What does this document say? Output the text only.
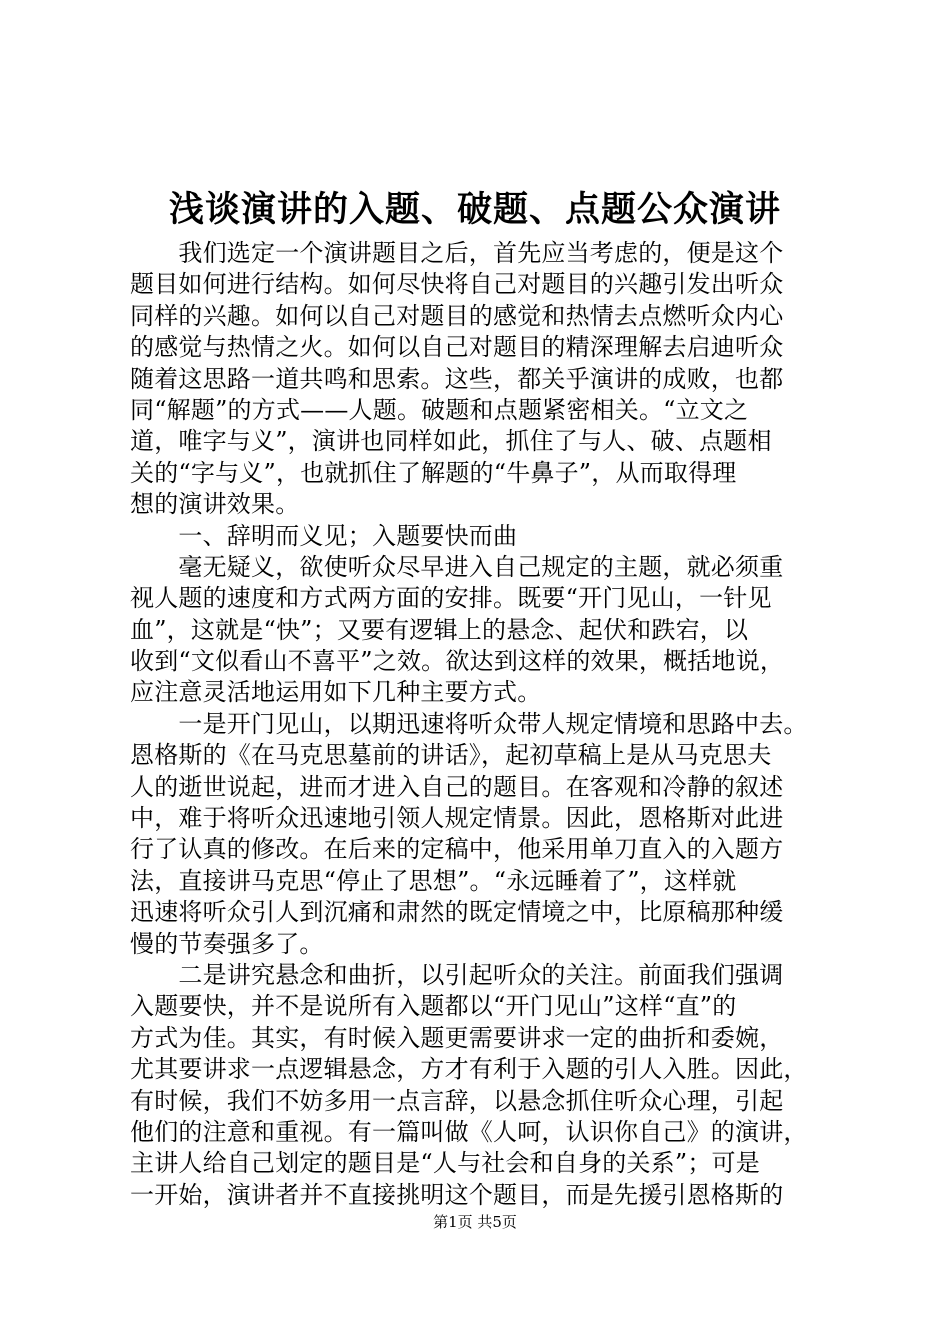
浅谈演讲的入题、破题、点题公众演讲
　　我们选定一个演讲题目之后，首先应当考虑的，便是这个
题目如何进行结构。如何尽快将自己对题目的兴趣引发出听众
同样的兴趣。如何以自己对题目的感觉和热情去点燃听众内心
的感觉与热情之火。如何以自己对题目的精深理解去启迪听众
随着这思路一道共鸣和思索。这些，都关乎演讲的成败，也都
同“解题”的方式——人题。破题和点题紧密相关。“立文之
道，唯字与义”，演讲也同样如此，抓住了与人、破、点题相
关的“字与义”，也就抓住了解题的“牛鼻子”，从而取得理
想的演讲效果。
　　一、辞明而义见；入题要快而曲
　　毫无疑义，欲使听众尽早进入自己规定的主题，就必须重
视人题的速度和方式两方面的安排。既要“开门见山，一针见
血”，这就是“快”；又要有逻辑上的悬念、起伏和跌宕，以
收到“文似看山不喜平”之效。欲达到这样的效果，概括地说，
应注意灵活地运用如下几种主要方式。
　　一是开门见山，以期迅速将听众带人规定情境和思路中去。
恩格斯的《在马克思墓前的讲话》，起初草稿上是从马克思夫
人的逝世说起，进而才进入自己的题目。在客观和冷静的叙述
中，难于将听众迅速地引领人规定情景。因此，恩格斯对此进
行了认真的修改。在后来的定稿中，他采用单刀直入的入题方
法，直接讲马克思“停止了思想”。“永远睡着了”，这样就
迅速将听众引人到沉痛和肃然的既定情境之中，比原稿那种缓
慢的节奏强多了。
　　二是讲究悬念和曲折，以引起听众的关注。前面我们强调
入题要快，并不是说所有入题都以“开门见山”这样“直”的
方式为佳。其实，有时候入题更需要讲求一定的曲折和委婉，
尤其要讲求一点逻辑悬念，方才有利于入题的引人入胜。因此，
有时候，我们不妨多用一点言辞，以悬念抓住听众心理，引起
他们的注意和重视。有一篇叫做《人呵，认识你自己》的演讲，
主讲人给自己划定的题目是“人与社会和自身的关系”；可是
一开始，演讲者并不直接挑明这个题目，而是先援引恩格斯的
第1页 共5页
